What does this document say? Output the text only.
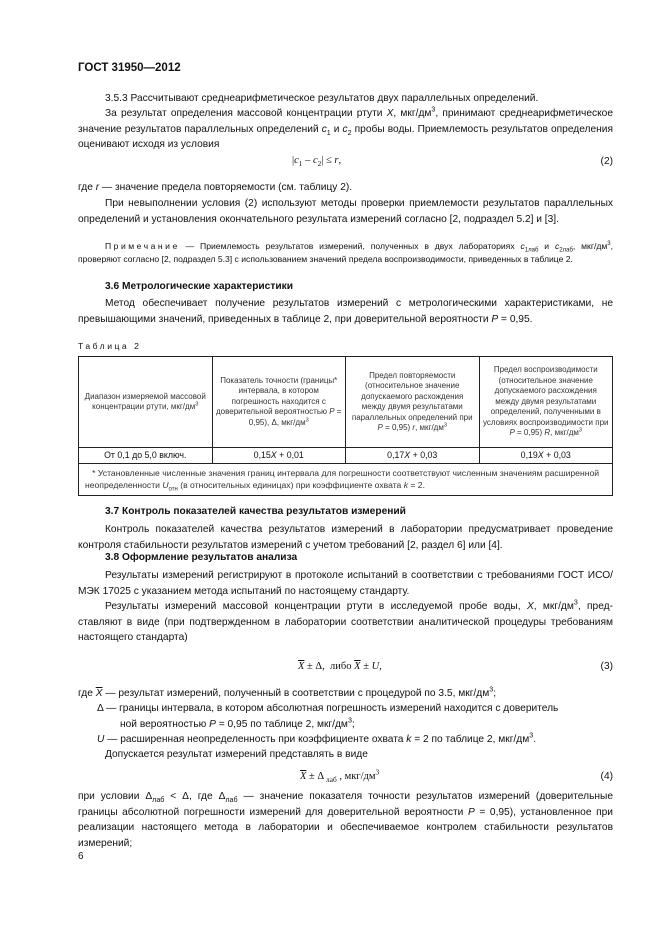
ГОСТ 31950—2012
3.5.3 Рассчитывают среднеарифметическое результатов двух параллельных определений.
За результат определения массовой концентрации ртути X, мкг/$дм^3$, принимают среднеарифметическое значение результатов параллельных определений $c_1$ и $c_2$ пробы воды. Приемлемость результатов определения оценивают исходя из условия
$|c_1 - c_2| \le r$,	(2)
где r — значение предела повторяемости (см. таблицу 2).
При невыполнении условия (2) используют методы проверки приемлемости результатов параллельных определений и установления окончательного результата измерений согласно [2, подраздел 5.2] и [3].
Примечание — Приемлемость результатов измерений, полученных в двух лабораториях $c_{1лаб}$ и $c_{2лаб}$, мкг/$дм^3$, проверяют согласно [2, подраздел 5.3] с использованием значений предела воспроизводимости, приведенных в таблице 2.
3.6 Метрологические характеристики
Метод обеспечивает получение результатов измерений с метрологическими характеристиками, не превышающими значений, приведенных в таблице 2, при доверительной вероятности P = 0,95.
Таблица 2
Диапазон измеряемой массовой концентрации ртути, мкг/$дм^3$	Показатель точности (границы* интервала, в котором погрешность находится с доверительной вероятностью P = 0,95), Δ, мкг/$дм^3$	Предел повторяемости (относительное значение допускаемого расхождения между двумя результатами параллельных определений при P = 0,95) r, мкг/$дм^3$	Предел воспроизводимости (относительное значение допускаемого расхождения между двумя результатами определений, полученными в условиях воспроизводимости при P = 0,95) R, мкг/$дм^3$
От 0,1 до 5,0 включ.	0,15X + 0,01	0,17X + 0,03	0,19X + 0,03
* Установленные численные значения границ интервала для погрешности соответствуют численным значениям расширенной неопределенности $U_{отн}$ (в относительных единицах) при коэффициенте охвата k = 2.			
3.7 Контроль показателей качества результатов измерений
Контроль показателей качества результатов измерений в лаборатории предусматривает проведение контроля стабильности результатов измерений с учетом требований [2, раздел 6] или [4].
3.8 Оформление результатов анализа
Результаты измерений регистрируют в протоколе испытаний в соответствии с требованиями ГОСТ ИСО/МЭК 17025 с указанием метода испытаний по настоящему стандарту.
Результаты измерений массовой концентрации ртути в исследуемой пробе воды, X, мкг/$дм^3$, представляют в виде (при подтвержденном в лаборатории соответствии аналитической процедуры требованиям настоящего стандарта)
$\overline{X} \pm \Delta$,  либо $\overline{X} \pm U$,	(3)
где $\overline{X}$ — результат измерений, полученный в соответствии с процедурой по 3.5, мкг/$дм^3$;
Δ — границы интервала, в котором абсолютная погрешность измерений находится с доверитель
ной вероятностью P = 0,95 по таблице 2, мкг/$дм^3$;
U — расширенная неопределенность при коэффициенте охвата k = 2 по таблице 2, мкг/$дм^3$.
Допускается результат измерений представлять в виде
$\overline{X} \pm \Delta$ $_{лаб}$ , мкг/$дм^3$	(4)
при условии $\Delta_{лаб} < \Delta$, где $\Delta_{лаб}$ — значение показателя точности результатов измерений (доверительные границы абсолютной погрешности измерений для доверительной вероятности P = 0,95), установленное при реализации настоящего метода в лаборатории и обеспечиваемое контролем стабильности результатов измерений;
6
